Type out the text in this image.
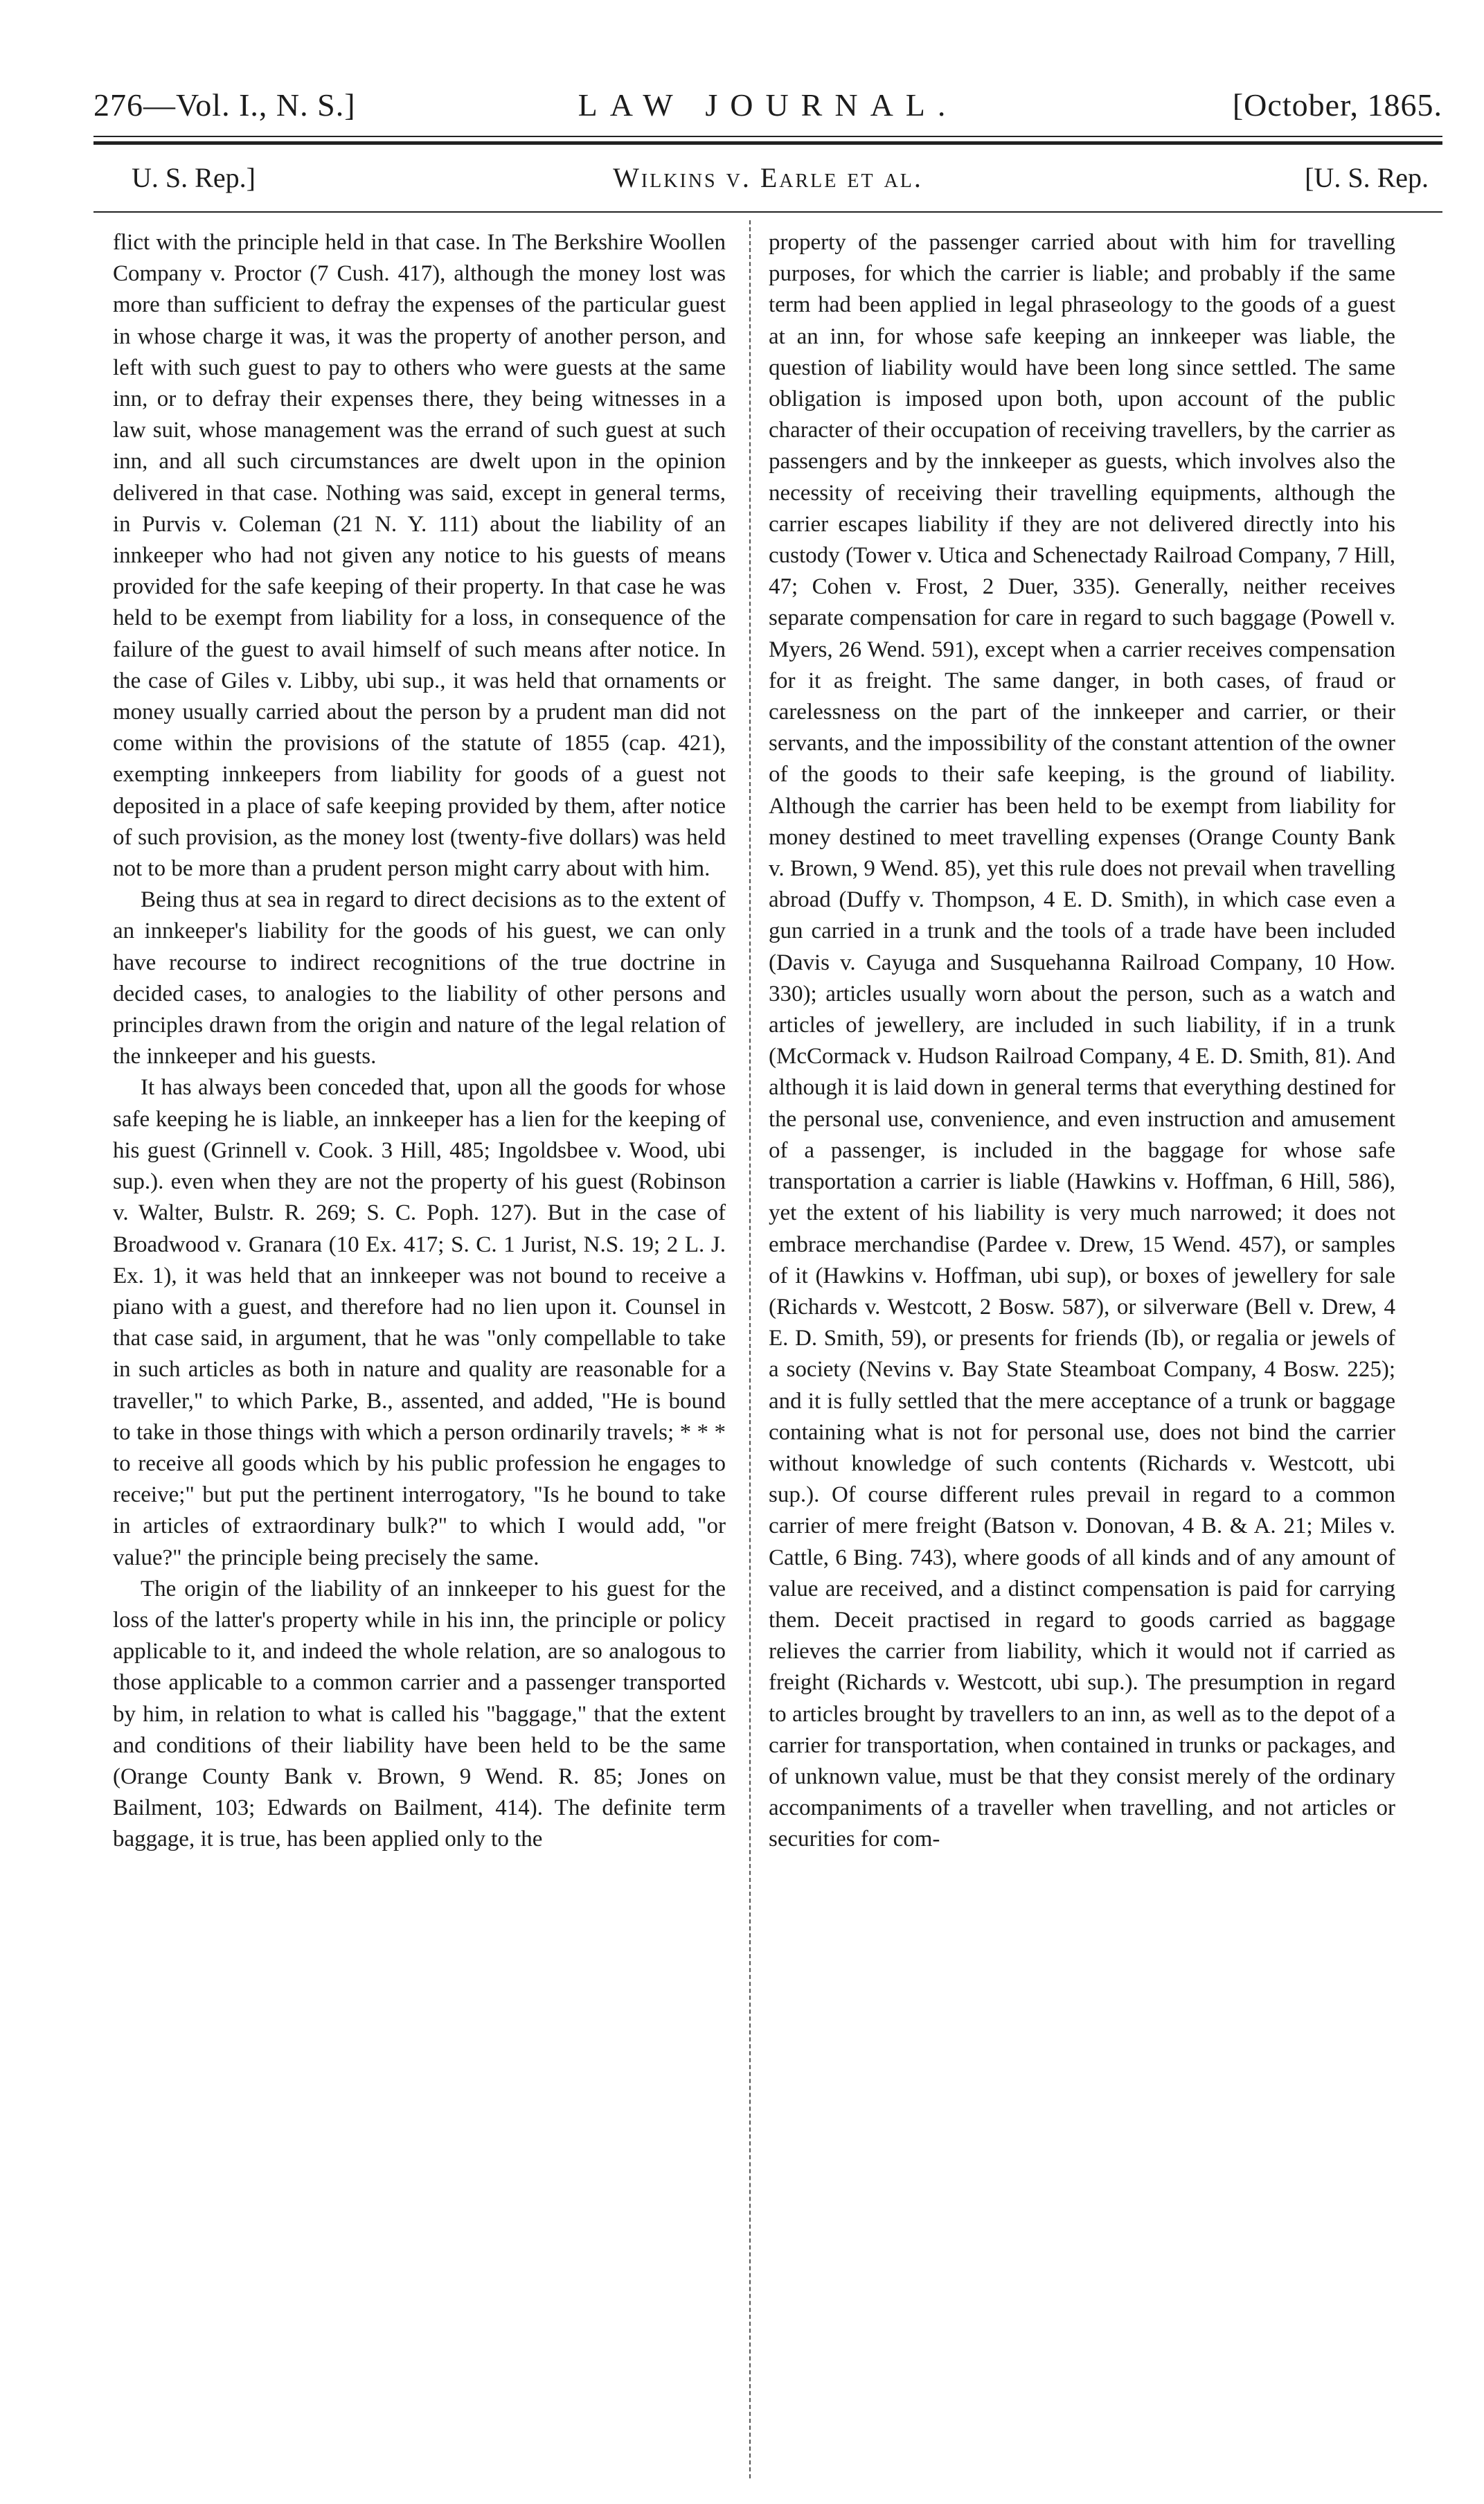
276—Vol. I., N. S.]	LAW JOURNAL.	[October, 1865.
U. S. Rep.]	Wilkins v. Earle et al.	[U. S. Rep.

flict with the principle held in that case. In The Berkshire Woollen Company v. Proctor (7 Cush. 417), although the money lost was more than sufficient to defray the expenses of the particular guest in whose charge it was, it was the property of another person, and left with such guest to pay to others who were guests at the same inn, or to defray their expenses there, they being witnesses in a law suit, whose management was the errand of such guest at such inn, and all such circumstances are dwelt upon in the opinion delivered in that case. Nothing was said, except in general terms, in Purvis v. Coleman (21 N. Y. 111) about the liability of an innkeeper who had not given any notice to his guests of means provided for the safe keeping of their property. In that case he was held to be exempt from liability for a loss, in consequence of the failure of the guest to avail himself of such means after notice. In the case of Giles v. Libby, ubi sup., it was held that ornaments or money usually carried about the person by a prudent man did not come within the provisions of the statute of 1855 (cap. 421), exempting innkeepers from liability for goods of a guest not deposited in a place of safe keeping provided by them, after notice of such provision, as the money lost (twenty-five dollars) was held not to be more than a prudent person might carry about with him.

Being thus at sea in regard to direct decisions as to the extent of an innkeeper's liability for the goods of his guest, we can only have recourse to indirect recognitions of the true doctrine in decided cases, to analogies to the liability of other persons and principles drawn from the origin and nature of the legal relation of the innkeeper and his guests.

It has always been conceded that, upon all the goods for whose safe keeping he is liable, an innkeeper has a lien for the keeping of his guest (Grinnell v. Cook. 3 Hill, 485; Ingoldsbee v. Wood, ubi sup.). even when they are not the property of his guest (Robinson v. Walter, Bulstr. R. 269; S. C. Poph. 127). But in the case of Broadwood v. Granara (10 Ex. 417; S. C. 1 Jurist, N.S. 19; 2 L. J. Ex. 1), it was held that an innkeeper was not bound to receive a piano with a guest, and therefore had no lien upon it. Counsel in that case said, in argument, that he was "only compellable to take in such articles as both in nature and quality are reasonable for a traveller," to which Parke, B., assented, and added, "He is bound to take in those things with which a person ordinarily travels; * * * to receive all goods which by his public profession he engages to receive;" but put the pertinent interrogatory, "Is he bound to take in articles of extraordinary bulk?" to which I would add, "or value?" the principle being precisely the same.

The origin of the liability of an innkeeper to his guest for the loss of the latter's property while in his inn, the principle or policy applicable to it, and indeed the whole relation, are so analogous to those applicable to a common carrier and a passenger transported by him, in relation to what is called his "baggage," that the extent and conditions of their liability have been held to be the same (Orange County Bank v. Brown, 9 Wend. R. 85; Jones on Bailment, 103; Edwards on Bailment, 414). The definite term baggage, it is true, has been applied only to the

property of the passenger carried about with him for travelling purposes, for which the carrier is liable; and probably if the same term had been applied in legal phraseology to the goods of a guest at an inn, for whose safe keeping an innkeeper was liable, the question of liability would have been long since settled. The same obligation is imposed upon both, upon account of the public character of their occupation of receiving travellers, by the carrier as passengers and by the innkeeper as guests, which involves also the necessity of receiving their travelling equipments, although the carrier escapes liability if they are not delivered directly into his custody (Tower v. Utica and Schenectady Railroad Company, 7 Hill, 47; Cohen v. Frost, 2 Duer, 335). Generally, neither receives separate compensation for care in regard to such baggage (Powell v. Myers, 26 Wend. 591), except when a carrier receives compensation for it as freight. The same danger, in both cases, of fraud or carelessness on the part of the innkeeper and carrier, or their servants, and the impossibility of the constant attention of the owner of the goods to their safe keeping, is the ground of liability. Although the carrier has been held to be exempt from liability for money destined to meet travelling expenses (Orange County Bank v. Brown, 9 Wend. 85), yet this rule does not prevail when travelling abroad (Duffy v. Thompson, 4 E. D. Smith), in which case even a gun carried in a trunk and the tools of a trade have been included (Davis v. Cayuga and Susquehanna Railroad Company, 10 How. 330); articles usually worn about the person, such as a watch and articles of jewellery, are included in such liability, if in a trunk (McCormack v. Hudson Railroad Company, 4 E. D. Smith, 81). And although it is laid down in general terms that everything destined for the personal use, convenience, and even instruction and amusement of a passenger, is included in the baggage for whose safe transportation a carrier is liable (Hawkins v. Hoffman, 6 Hill, 586), yet the extent of his liability is very much narrowed; it does not embrace merchandise (Pardee v. Drew, 15 Wend. 457), or samples of it (Hawkins v. Hoffman, ubi sup), or boxes of jewellery for sale (Richards v. Westcott, 2 Bosw. 587), or silverware (Bell v. Drew, 4 E. D. Smith, 59), or presents for friends (Ib), or regalia or jewels of a society (Nevins v. Bay State Steamboat Company, 4 Bosw. 225); and it is fully settled that the mere acceptance of a trunk or baggage containing what is not for personal use, does not bind the carrier without knowledge of such contents (Richards v. Westcott, ubi sup.). Of course different rules prevail in regard to a common carrier of mere freight (Batson v. Donovan, 4 B. & A. 21; Miles v. Cattle, 6 Bing. 743), where goods of all kinds and of any amount of value are received, and a distinct compensation is paid for carrying them. Deceit practised in regard to goods carried as baggage relieves the carrier from liability, which it would not if carried as freight (Richards v. Westcott, ubi sup.). The presumption in regard to articles brought by travellers to an inn, as well as to the depot of a carrier for transportation, when contained in trunks or packages, and of unknown value, must be that they consist merely of the ordinary accompaniments of a traveller when travelling, and not articles or securities for com-
